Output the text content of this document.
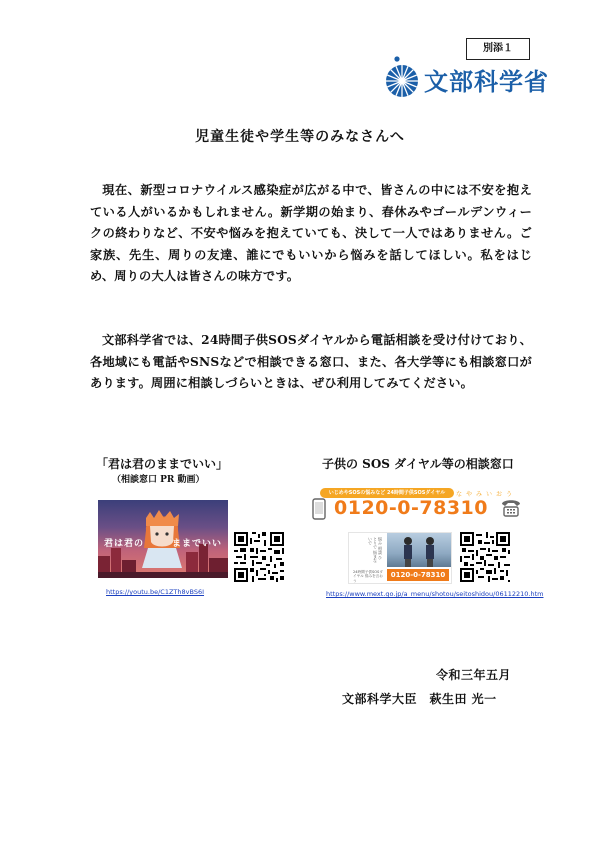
別添１
文部科学省
児童生徒や学生等のみなさんへ
現在、新型コロナウイルス感染症が広がる中で、皆さんの中には不安を抱えている人がいるかもしれません。新学期の始まり、春休みやゴールデンウィークの終わりなど、不安や悩みを抱えていても、決して一人ではありません。ご家族、先生、周りの友達、誰にでもいいから悩みを話してほしい。私をはじめ、周りの大人は皆さんの味方です。
文部科学省では、24時間子供SOSダイヤルから電話相談を受け付けており、各地域にも電話やSNSなどで相談できる窓口、また、各大学等にも相談窓口があります。周囲に相談しづらいときは、ぜひ利用してみてください。
「君は君のままでいい」
（相談窓口 PR 動画）
君は君の	ままでいい
https://youtu.be/C1ZTh8vBS6I
子供の SOS ダイヤル等の相談窓口
いじめやSOSの悩みなど 24時間子供SOSダイヤル	なやみいおう
0120-0-78310
悩み 相談 ひとりで 悩まないで
24時間子供SOSダイヤル 悩みを言おう
0120-0-78310
https://www.mext.go.jp/a_menu/shotou/seitoshidou/06112210.htm
令和三年五月
文部科学大臣　萩生田 光一
